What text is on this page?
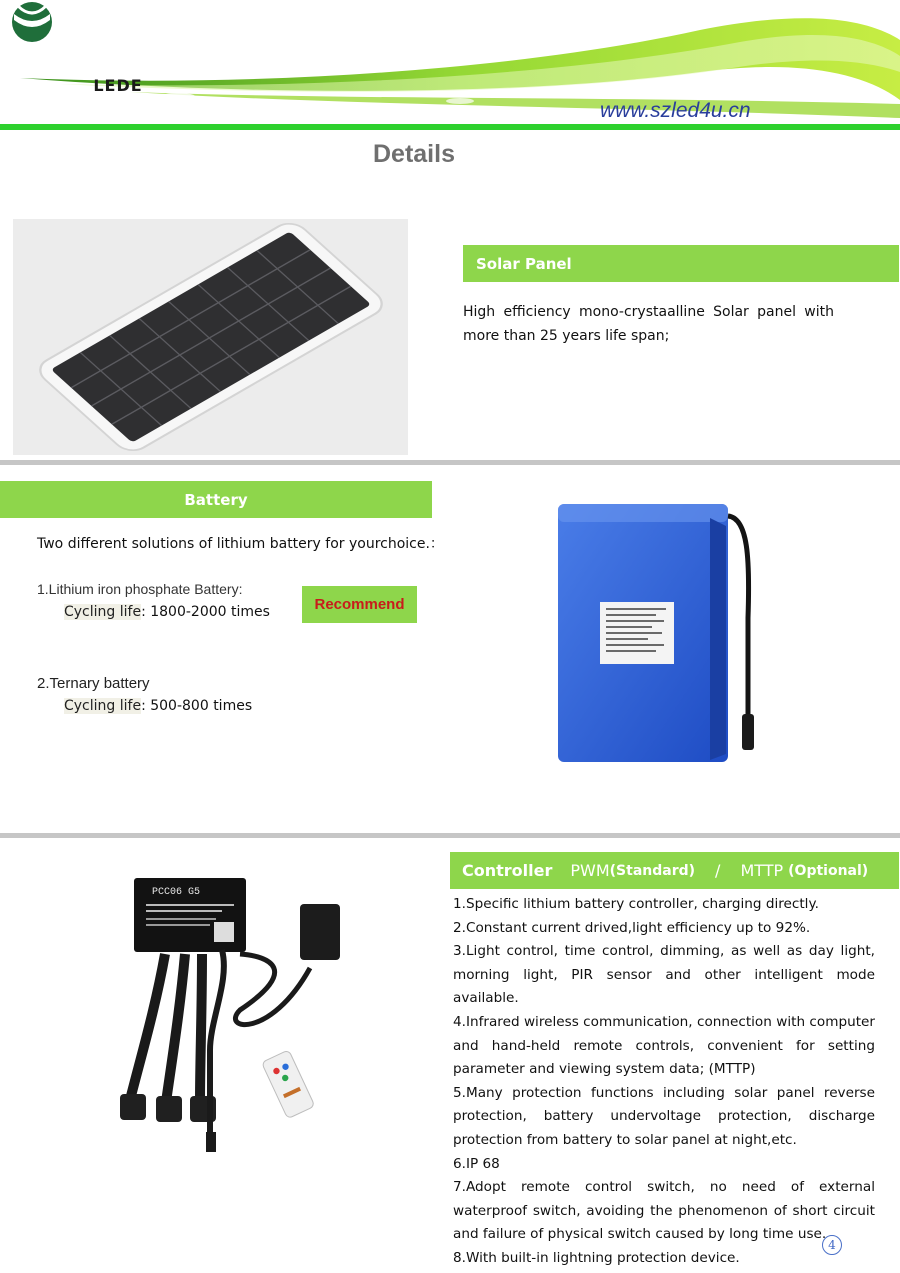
LEDE
www.szled4u.cn
Details
Solar Panel
High efficiency mono-crystaalline Solar panel with more than 25 years life span;
Battery
Two different solutions of lithium battery for yourchoice.：
1.Lithium iron phosphate Battery:
Cycling life: 1800-2000 times	Recommend
2.Ternary battery
Cycling life: 500-800 times
PCC06 G5
Controller PWM (Standard) / MTTP (Optional)

1.Specific lithium battery controller, charging directly.

2.Constant current drived,light efficiency up to 92%.

3.Light control, time control, dimming, as well as day light, morning light, PIR sensor and other intelligent mode available.

4.Infrared wireless communication, connection with computer and hand-held remote controls, convenient for setting parameter and viewing system data; (MTTP)

5.Many protection functions including solar panel reverse protection, battery undervoltage protection, discharge protection from battery to solar panel at night,etc.

6.IP 68

7.Adopt remote control switch, no need of external waterproof switch, avoiding the phenomenon of short circuit and failure of physical switch caused by long time use.

8.With built-in lightning protection device.

4
